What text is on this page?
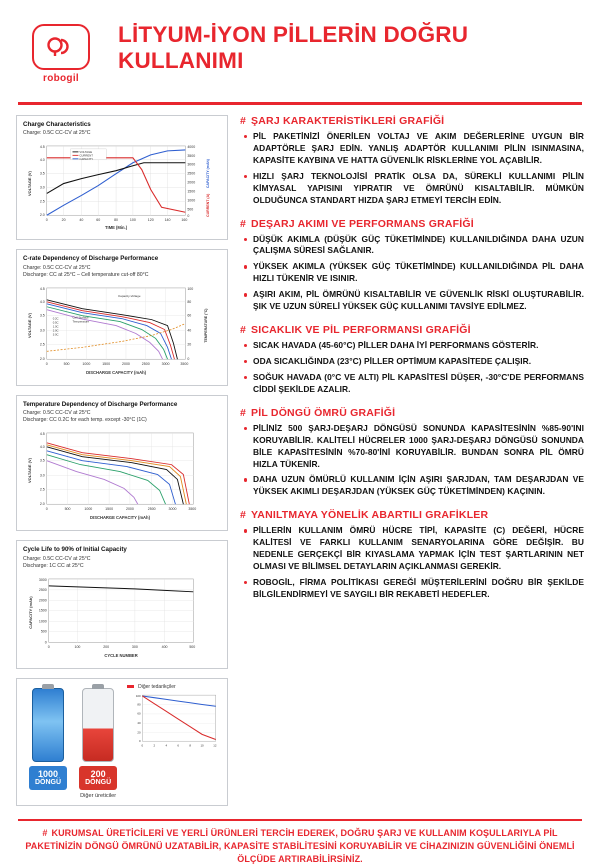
robogil
LİTYUM-İYON PİLLERİN DOĞRU KULLANIMI
Charge Characteristics
Charge: 0.5C CC-CV at 25°C
4.5
4.0
3.5
3.0
2.5
2.0
4000
3500
3000
2500
2000
1500
1000
500
0
0	20	40	60	80	100	120	140	160
TIME (Min.)
VOLTAGE (V)	CAPACITY (mAh)
CURRENT (A)
VOLTAGE
CURRENT
CAPACITY
C-rate Dependency of Discharge Performance
Charge: 0.5C CC-CV at 25°C
Discharge: CC at 25°C – Cell temperature cut-off 80°C
4.5
4.0
3.5
3.0
2.5
2.0
100
80
60
40
20
0
0	500	1000	1500	2000	2500	3000	3500
DISCHARGE CAPACITY (mAh)
VOLTAGE (V)	TEMPERATURE (°C)
Capacity-Voltage
Cell Surface
Temperature
0.2C
0.5C
1.0C
2.0C
3.0C
Temperature Dependency of Discharge Performance
Charge: 0.5C CC-CV at 25°C
Discharge: CC 0.2C for each temp. except -30°C (1C)
4.5
4.0
3.5
3.0
2.5
2.0
0	500	1000	1500	2000	2500	3000	3500
DISCHARGE CAPACITY (mAh)
VOLTAGE (V)
Cycle Life to 90% of Initial Capacity
Charge: 0.5C CC-CV at 25°C
Discharge: 1C CC at 25°C
3000
2500
2000
1500
1000
500
0
0	100	200	300	400	500
CYCLE NUMBER
CAPACITY (mAh)
1000
DÖNGÜ
200
DÖNGÜ
Diğer üreticiler
Diğer tedarikçiler
100
80
60
40
20
0
0	2	4	6	8	10	12
# ŞARJ KARAKTERİSTİKLERİ GRAFİĞİ
PİL PAKETİNİZİ ÖNERİLEN VOLTAJ VE AKIM DEĞERLERİNE UYGUN BİR ADAPTÖRLE ŞARJ EDİN. YANLIŞ ADAPTÖR KULLANIMI PİLİN ISINMASINA, KAPASİTE KAYBINA VE HATTA GÜVENLİK RİSKLERİNE YOL AÇABİLİR.
HIZLI ŞARJ TEKNOLOJİSİ PRATİK OLSA DA, SÜREKLİ KULLANIMI PİLİN KİMYASAL YAPISINI YIPRATIR VE ÖMRÜNÜ KISALTABİLİR. MÜMKÜN OLDUĞUNCA STANDART HIZDA ŞARJ ETMEYİ TERCİH EDİN.
# DEŞARJ AKIMI VE PERFORMANS GRAFİĞİ
DÜŞÜK AKIMLA (DÜŞÜK GÜÇ TÜKETİMİNDE) KULLANILDIĞINDA DAHA UZUN ÇALIŞMA SÜRESİ SAĞLANIR.
YÜKSEK AKIMLA (YÜKSEK GÜÇ TÜKETİMİNDE) KULLANILDIĞINDA PİL DAHA HIZLI TÜKENİR VE ISINIR.
AŞIRI AKIM, PİL ÖMRÜNÜ KISALTABİLİR VE GÜVENLİK RİSKİ OLUŞTURABİLİR. ŞIK VE UZUN SÜRELİ YÜKSEK GÜÇ KULLANIMI TAVSİYE EDİLMEZ.
# SICAKLIK VE PİL PERFORMANSI GRAFİĞİ
SICAK HAVADA (45-60°C) PİLLER DAHA İYİ PERFORMANS GÖSTERİR.
ODA SICAKLIĞINDA (23°C) PİLLER OPTİMUM KAPASİTEDE ÇALIŞIR.
SOĞUK HAVADA (0°C VE ALTI) PİL KAPASİTESİ DÜŞER, -30°C'DE PERFORMANS CİDDİ ŞEKİLDE AZALIR.
# PİL DÖNGÜ ÖMRÜ GRAFİĞİ
PİLİNİZ 500 ŞARJ-DEŞARJ DÖNGÜSÜ SONUNDA KAPASİTESİNİN %85-90'INI KORUYABİLİR. KALİTELİ HÜCRELER 1000 ŞARJ-DEŞARJ DÖNGÜSÜ SONUNDA BİLE KAPASİTESİNİN %70-80'İNİ KORUYABİLİR. BUNDAN SONRA PİL ÖMRÜ HIZLA TÜKENİR.
DAHA UZUN ÖMÜRLÜ KULLANIM İÇİN AŞIRI ŞARJDAN, TAM DEŞARJDAN VE YÜKSEK AKIMLI DEŞARJDAN (YÜKSEK GÜÇ TÜKETİMİNDEN) KAÇININ.
# YANILTMAYA YÖNELİK ABARTILI GRAFİKLER
PİLLERİN KULLANIM ÖMRÜ HÜCRE TİPİ, KAPASİTE (C) DEĞERİ, HÜCRE KALİTESİ VE FARKLI KULLANIM SENARYOLARINA GÖRE DEĞİŞİR. BU NEDENLE GERÇEKÇİ BİR KIYASLAMA YAPMAK İÇİN TEST ŞARTLARININ NET OLMASI VE BİLİMSEL DETAYLARIN AÇIKLANMASI GEREKİR.
ROBOGİL, FİRMA POLİTİKASI GEREĞİ MÜŞTERİLERİNİ DOĞRU BİR ŞEKİLDE BİLGİLENDİRMEYİ VE SAYGILI BİR REKABETİ HEDEFLER.
# KURUMSAL ÜRETİCİLERİ VE YERLİ ÜRÜNLERİ TERCİH EDEREK, DOĞRU ŞARJ VE KULLANIM KOŞULLARIYLA PİL PAKETİNİZİN DÖNGÜ ÖMRÜNÜ UZATABİLİR, KAPASİTE STABİLİTESİNİ KORUYABİLİR VE CİHAZINIZIN GÜVENLİĞİNİ ÖNEMLİ ÖLÇÜDE ARTIRABİLİRSİNİZ.
